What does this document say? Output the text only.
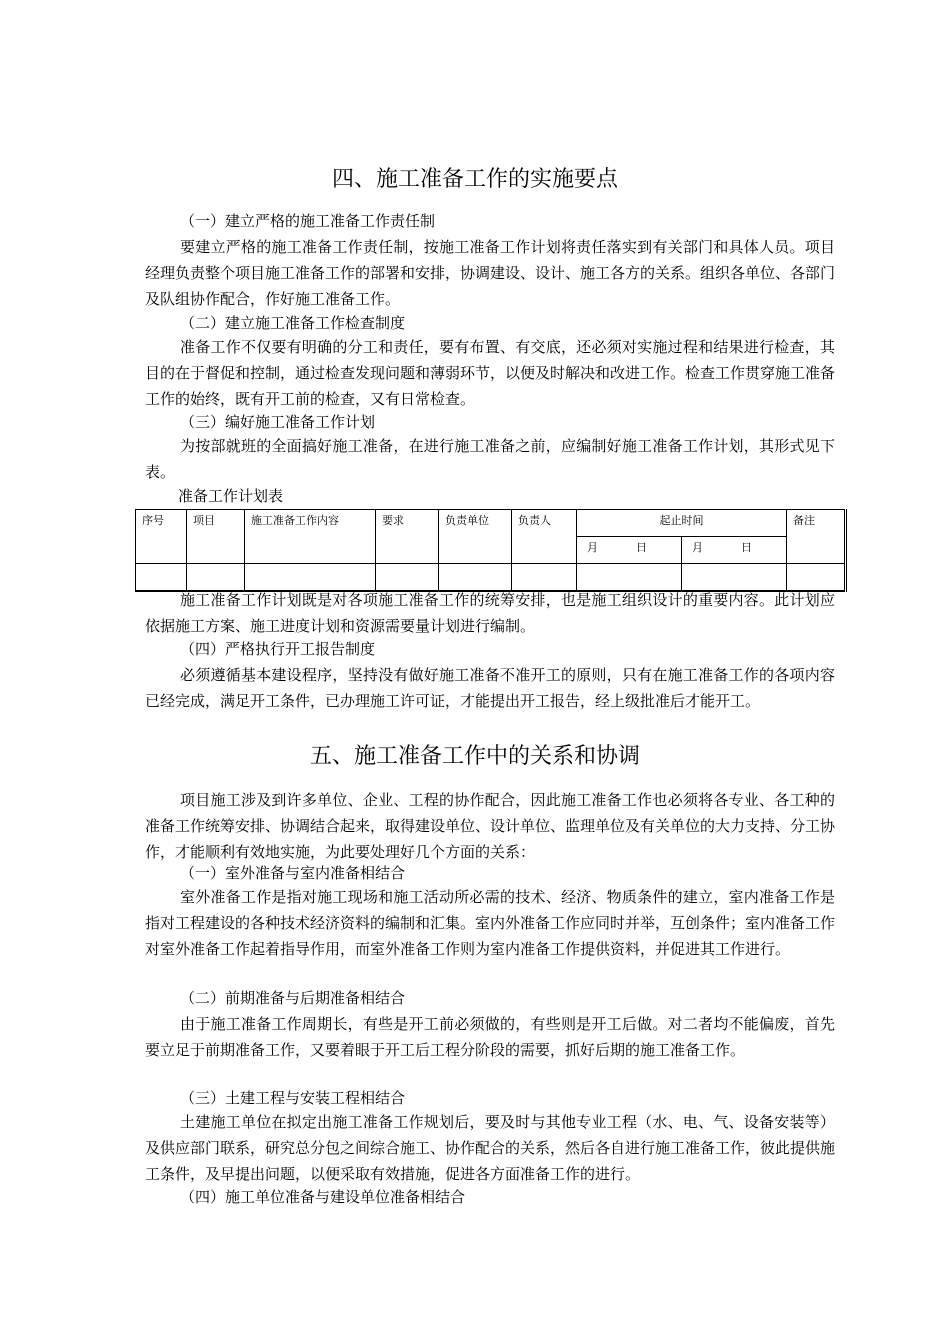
四、施工准备工作的实施要点
（一）建立严格的施工准备工作责任制

要建立严格的施工准备工作责任制，按施工准备工作计划将责任落实到有关部门和具体人员。项目经理负责整个项目施工准备工作的部署和安排，协调建设、设计、施工各方的关系。组织各单位、各部门及队组协作配合，作好施工准备工作。

（二）建立施工准备工作检查制度

准备工作不仅要有明确的分工和责任，要有布置、有交底，还必须对实施过程和结果进行检查，其目的在于督促和控制，通过检查发现问题和薄弱环节，以便及时解决和改进工作。检查工作贯穿施工准备工作的始终，既有开工前的检查，又有日常检查。

（三）编好施工准备工作计划

为按部就班的全面搞好施工准备，在进行施工准备之前，应编制好施工准备工作计划，其形式见下表。

准备工作计划表
序号	项目	施工准备工作内容	要求	负责单位	负责人	起止时间		备注

						月 日	月 日	

施工准备工作计划既是对各项施工准备工作的统筹安排，也是施工组织设计的重要内容。此计划应依据施工方案、施工进度计划和资源需要量计划进行编制。

（四）严格执行开工报告制度

必须遵循基本建设程序，坚持没有做好施工准备不准开工的原则，只有在施工准备工作的各项内容已经完成，满足开工条件，已办理施工许可证，才能提出开工报告，经上级批准后才能开工。

五、施工准备工作中的关系和协调

项目施工涉及到许多单位、企业、工程的协作配合，因此施工准备工作也必须将各专业、各工种的准备工作统筹安排、协调结合起来，取得建设单位、设计单位、监理单位及有关单位的大力支持、分工协作，才能顺利有效地实施，为此要处理好几个方面的关系：

（一）室外准备与室内准备相结合

室外准备工作是指对施工现场和施工活动所必需的技术、经济、物质条件的建立，室内准备工作是指对工程建设的各种技术经济资料的编制和汇集。室内外准备工作应同时并举，互创条件；室内准备工作对室外准备工作起着指导作用，而室外准备工作则为室内准备工作提供资料，并促进其工作进行。

（二）前期准备与后期准备相结合

由于施工准备工作周期长，有些是开工前必须做的，有些则是开工后做。对二者均不能偏废，首先要立足于前期准备工作，又要着眼于开工后工程分阶段的需要，抓好后期的施工准备工作。

（三）土建工程与安装工程相结合

土建施工单位在拟定出施工准备工作规划后，要及时与其他专业工程（水、电、气、设备安装等）及供应部门联系，研究总分包之间综合施工、协作配合的关系，然后各自进行施工准备工作，彼此提供施工条件，及早提出问题，以便采取有效措施，促进各方面准备工作的进行。

（四）施工单位准备与建设单位准备相结合
